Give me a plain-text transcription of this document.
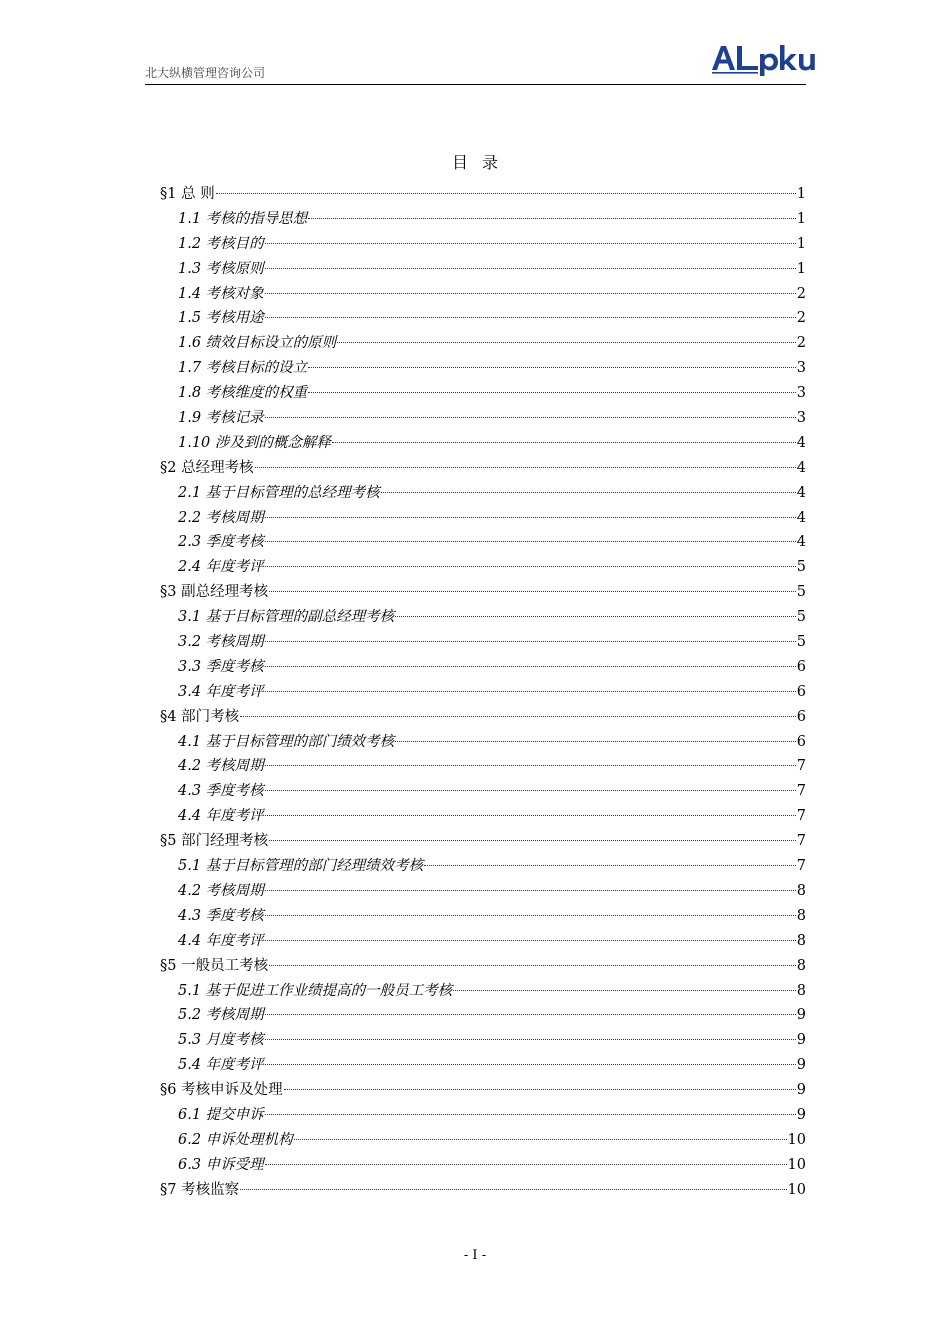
北大纵横管理咨询公司
目录
§1 总 则	1
1.1 考核的指导思想	1
1.2 考核目的	1
1.3 考核原则	1
1.4 考核对象	2
1.5 考核用途	2
1.6 绩效目标设立的原则	2
1.7 考核目标的设立	3
1.8 考核维度的权重	3
1.9 考核记录	3
1.10 涉及到的概念解释	4
§2 总经理考核	4
2.1 基于目标管理的总经理考核	4
2.2 考核周期	4
2.3 季度考核	4
2.4 年度考评	5
§3 副总经理考核	5
3.1 基于目标管理的副总经理考核	5
3.2 考核周期	5
3.3 季度考核	6
3.4 年度考评	6
§4 部门考核	6
4.1 基于目标管理的部门绩效考核	6
4.2 考核周期	7
4.3 季度考核	7
4.4 年度考评	7
§5 部门经理考核	7
5.1 基于目标管理的部门经理绩效考核	7
4.2 考核周期	8
4.3 季度考核	8
4.4 年度考评	8
§5 一般员工考核	8
5.1 基于促进工作业绩提高的一般员工考核	8
5.2 考核周期	9
5.3 月度考核	9
5.4 年度考评	9
§6 考核申诉及处理	9
6.1 提交申诉	9
6.2 申诉处理机构	10
6.3 申诉受理	10
§7 考核监察	10
- I -
